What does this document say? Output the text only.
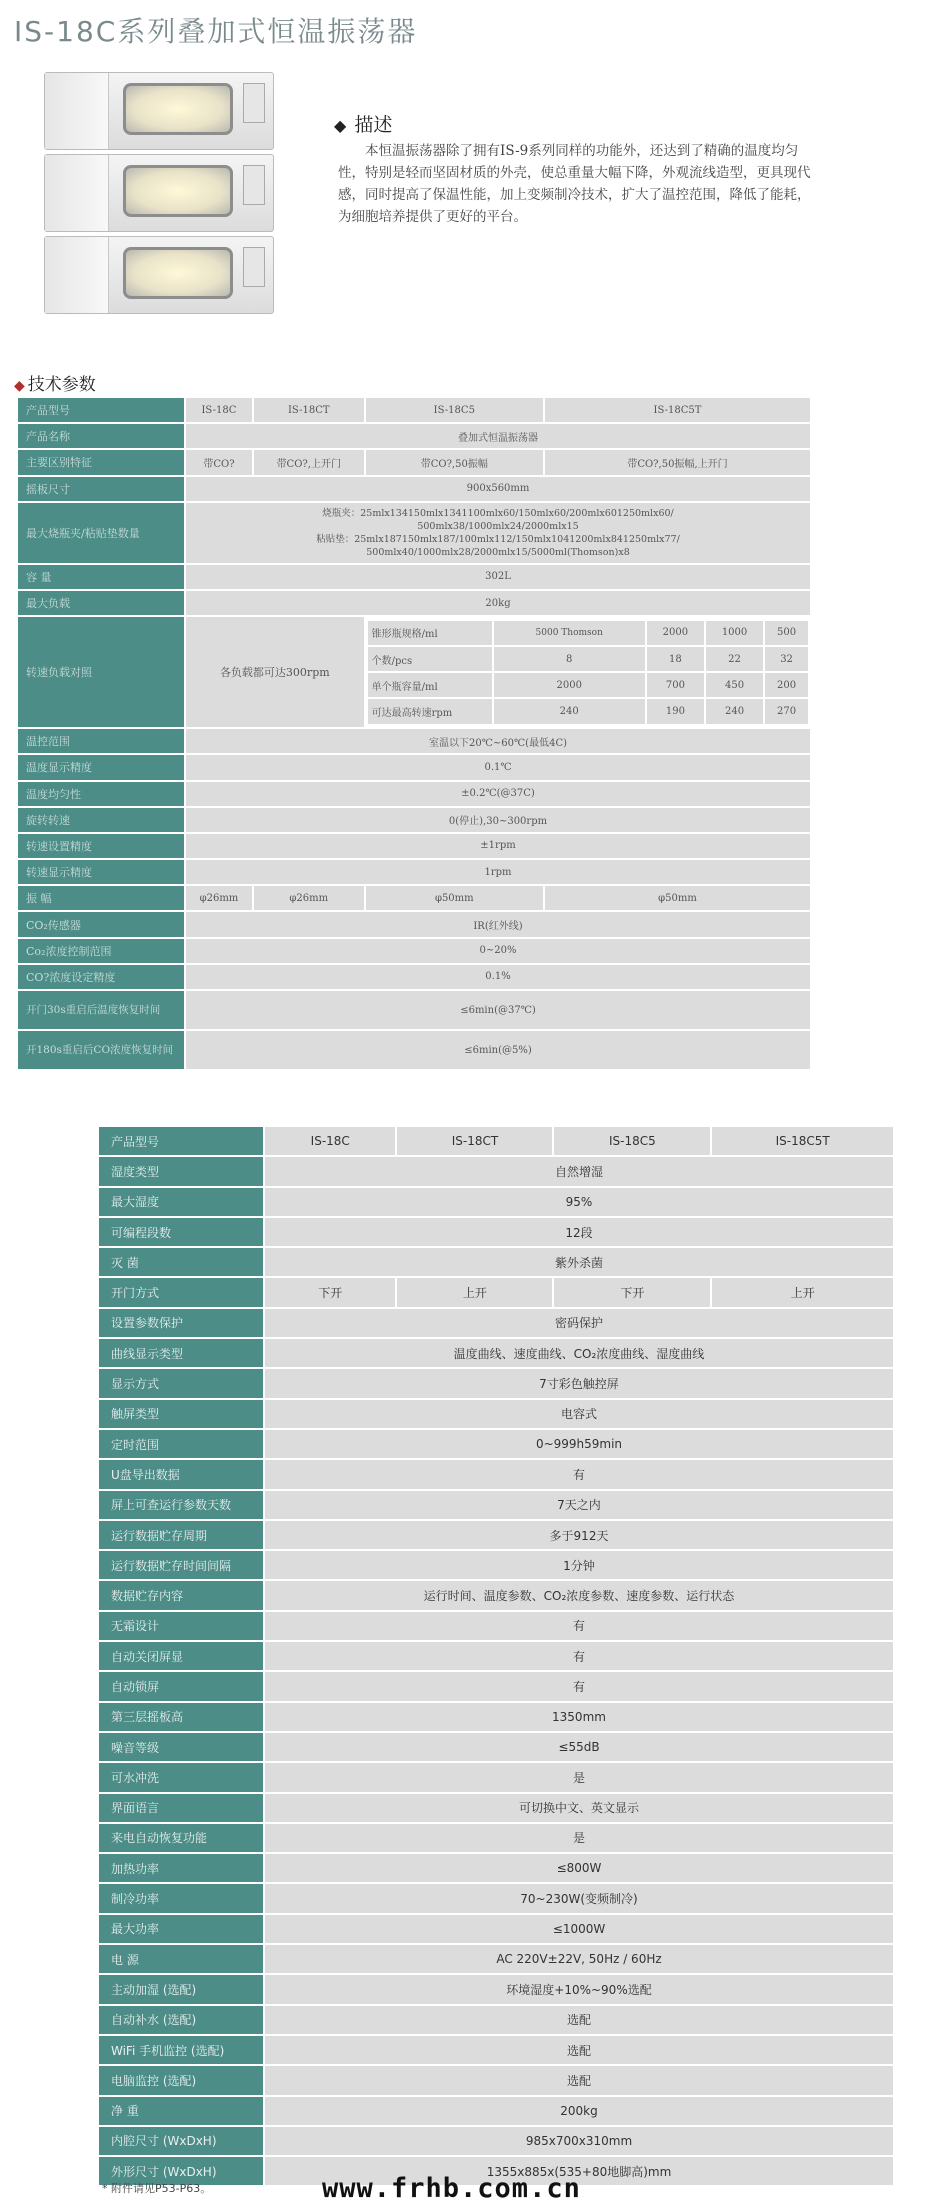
IS-18C系列叠加式恒温振荡器
◆ 描述
本恒温振荡器除了拥有IS-9系列同样的功能外，还达到了精确的温度均匀性，特别是轻而坚固材质的外壳，使总重量大幅下降，外观流线造型，更具现代感，同时提高了保温性能，加上变频制冷技术，扩大了温控范围，降低了能耗，为细胞培养提供了更好的平台。
◆ 技术参数
产品型号	IS-18C	IS-18CT	IS-18C5	IS-18C5T
产品名称	叠加式恒温振荡器
主要区别特征	带CO?	带CO?,上开门	带CO?,50振幅	带CO?,50振幅,上开门
摇板尺寸	900x560mm
最大烧瓶夹/粘贴垫数量	
烧瓶夹：25mlx134150mlx1341100mlx60/150mlx60/200mlx601250mlx60/
500mlx38/1000mlx24/2000mlx15
粘贴垫：25mlx187150mlx187/100mlx112/150mlx1041200mlx841250mlx77/
500mlx40/1000mlx28/2000mlx15/5000ml(Thomson)x8

容 量	302L
最大负载	20kg
转速负载对照	各负载都可达300rpm	
锥形瓶规格/ml	5000 Thomson	2000	1000	500
个数/pcs	8	18	22	32
单个瓶容量/ml	2000	700	450	200
可达最高转速rpm	240	190	240	270

温控范围	室温以下20℃~60℃(最低4C)
温度显示精度	0.1℃
温度均匀性	±0.2℃(@37C)
旋转转速	0(停止),30~300rpm
转速设置精度	±1rpm
转速显示精度	1rpm
振 幅	φ26mm	φ26mm	φ50mm	φ50mm
CO₂传感器	IR(红外线)
Co₂浓度控制范围	0~20%
CO?浓度设定精度	0.1%
开门30s重启后温度恢复时间	≤6min(@37℃)
开180s重启后CO浓度恢复时间	≤6min(@5%)
产品型号	IS-18C	IS-18CT	IS-18C5	IS-18C5T
湿度类型	自然增湿			
最大湿度	95%			
可编程段数	12段			
灭 菌	紫外杀菌			
开门方式	下开	上开	下开	上开
设置参数保护	密码保护			
曲线显示类型	温度曲线、速度曲线、CO₂浓度曲线、湿度曲线			
显示方式	7寸彩色触控屏			
触屏类型	电容式			
定时范围	0~999h59min			
U盘导出数据	有			
屏上可查运行参数天数	7天之内			
运行数据贮存周期	多于912天			
运行数据贮存时间间隔	1分钟			
数据贮存内容	运行时间、温度参数、CO₂浓度参数、速度参数、运行状态			
无霜设计	有			
自动关闭屏显	有			
自动锁屏	有			
第三层摇板高	1350mm			
噪音等级	≤55dB			
可水冲洗	是			
界面语言	可切换中文、英文显示			
来电自动恢复功能	是			
加热功率	≤800W			
制冷功率	70~230W(变频制冷)			
最大功率	≤1000W			
电 源	AC 220V±22V, 50Hz / 60Hz			
主动加湿 (选配)	环境湿度+10%~90%选配			
自动补水 (选配)	选配			
WiFi 手机监控 (选配)	选配			
电脑监控 (选配)	选配			
净 重	200kg			
内腔尺寸 (WxDxH)	985x700x310mm			
外形尺寸 (WxDxH)	1355x885x(535+80地脚高)mm			
* 附件请见P53-P63。	www.frhb.com.cn
